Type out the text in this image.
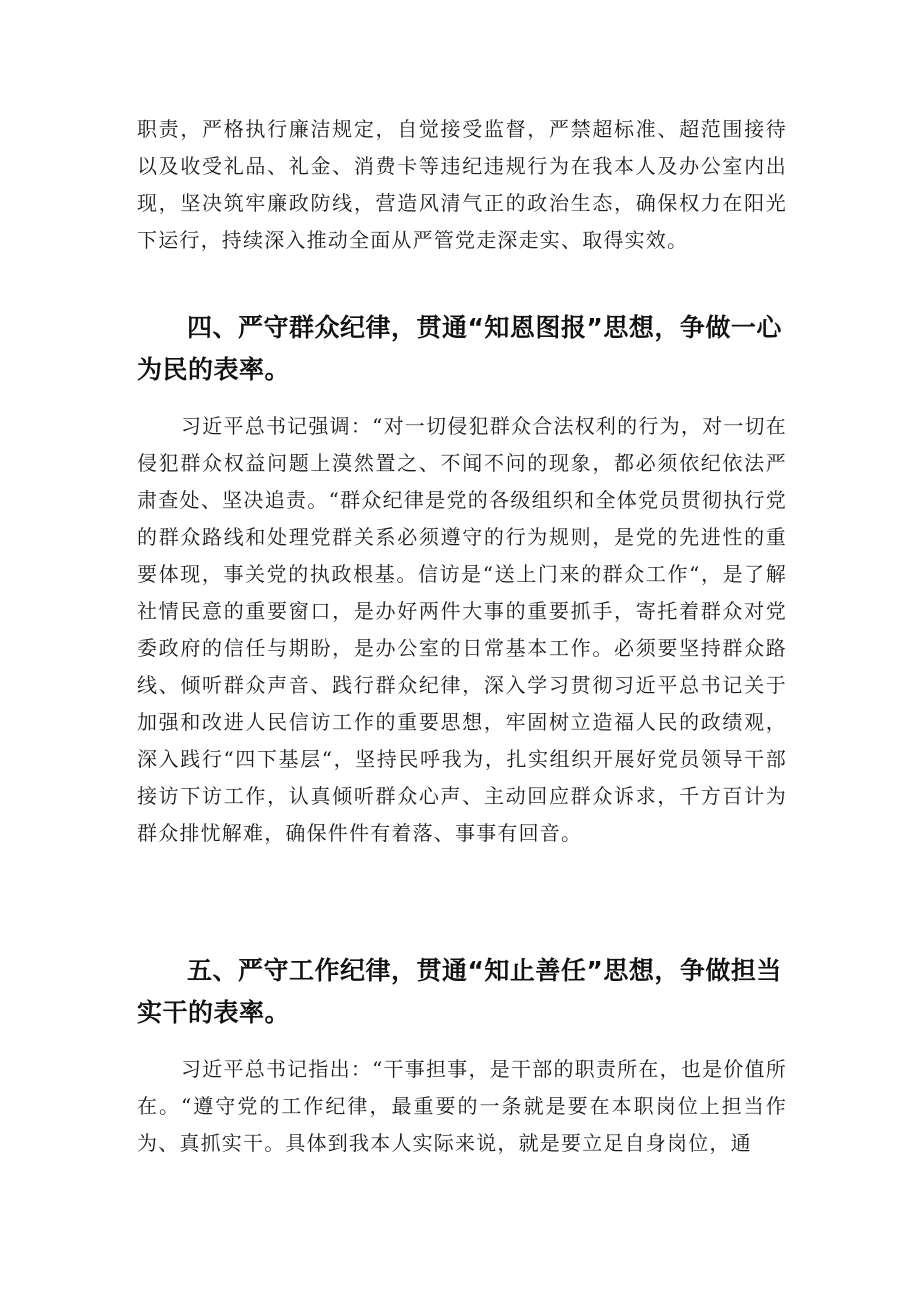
职责，严格执行廉洁规定，自觉接受监督，严禁超标准、超范围接待以及收受礼品、礼金、消费卡等违纪违规行为在我本人及办公室内出现，坚决筑牢廉政防线，营造风清气正的政治生态，确保权力在阳光下运行，持续深入推动全面从严管党走深走实、取得实效。

四、严守群众纪律，贯通“知恩图报”思想，争做一心为民的表率。

习近平总书记强调：“对一切侵犯群众合法权利的行为，对一切在侵犯群众权益问题上漠然置之、不闻不问的现象，都必须依纪依法严肃查处、坚决追责。“群众纪律是党的各级组织和全体党员贯彻执行党的群众路线和处理党群关系必须遵守的行为规则，是党的先进性的重要体现，事关党的执政根基。信访是“送上门来的群众工作“，是了解社情民意的重要窗口，是办好两件大事的重要抓手，寄托着群众对党委政府的信任与期盼，是办公室的日常基本工作。必须要坚持群众路线、倾听群众声音、践行群众纪律，深入学习贯彻习近平总书记关于加强和改进人民信访工作的重要思想，牢固树立造福人民的政绩观，深入践行“四下基层“，坚持民呼我为，扎实组织开展好党员领导干部接访下访工作，认真倾听群众心声、主动回应群众诉求，千方百计为群众排忧解难，确保件件有着落、事事有回音。

五、严守工作纪律，贯通“知止善任”思想，争做担当实干的表率。

习近平总书记指出：“干事担事，是干部的职责所在，也是价值所在。“遵守党的工作纪律，最重要的一条就是要在本职岗位上担当作为、真抓实干。具体到我本人实际来说，就是要立足自身岗位，通
